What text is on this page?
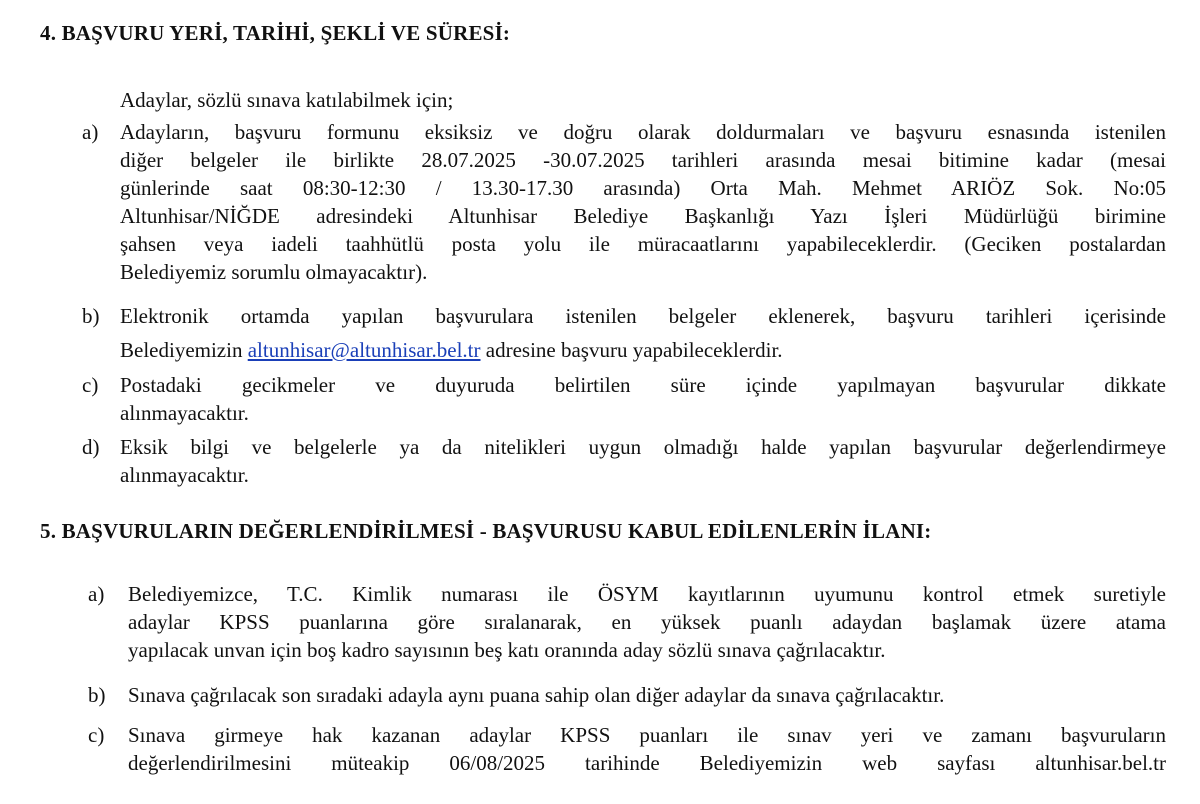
4. BAŞVURU YERİ, TARİHİ, ŞEKLİ VE SÜRESİ:
Adaylar, sözlü sınava katılabilmek için;
a) Adayların, başvuru formunu eksiksiz ve doğru olarak doldurmaları ve başvuru esnasında istenilen
diğer belgeler ile birlikte 28.07.2025 -30.07.2025 tarihleri arasında mesai bitimine kadar (mesai
günlerinde saat 08:30-12:30 / 13.30-17.30 arasında) Orta Mah. Mehmet ARIÖZ Sok. No:05
Altunhisar/NİĞDE adresindeki Altunhisar Belediye Başkanlığı Yazı İşleri Müdürlüğü birimine
şahsen veya iadeli taahhütlü posta yolu ile müracaatlarını yapabileceklerdir. (Geciken postalardan
Belediyemiz sorumlu olmayacaktır).
b) Elektronik ortamda yapılan başvurulara istenilen belgeler eklenerek, başvuru tarihleri içerisinde
Belediyemizin altunhisar@altunhisar.bel.tr adresine başvuru yapabileceklerdir.
c) Postadaki gecikmeler ve duyuruda belirtilen süre içinde yapılmayan başvurular dikkate
alınmayacaktır.
d) Eksik bilgi ve belgelerle ya da nitelikleri uygun olmadığı halde yapılan başvurular değerlendirmeye
alınmayacaktır.
5. BAŞVURULARIN DEĞERLENDİRİLMESİ - BAŞVURUSU KABUL EDİLENLERİN İLANI:
a) Belediyemizce, T.C. Kimlik numarası ile ÖSYM kayıtlarının uyumunu kontrol etmek suretiyle
adaylar KPSS puanlarına göre sıralanarak, en yüksek puanlı adaydan başlamak üzere atama
yapılacak unvan için boş kadro sayısının beş katı oranında aday sözlü sınava çağrılacaktır.
b) Sınava çağrılacak son sıradaki adayla aynı puana sahip olan diğer adaylar da sınava çağrılacaktır.
c) Sınava girmeye hak kazanan adaylar KPSS puanları ile sınav yeri ve zamanı başvuruların
değerlendirilmesini müteakip 06/08/2025 tarihinde Belediyemizin web sayfası altunhisar.bel.tr
